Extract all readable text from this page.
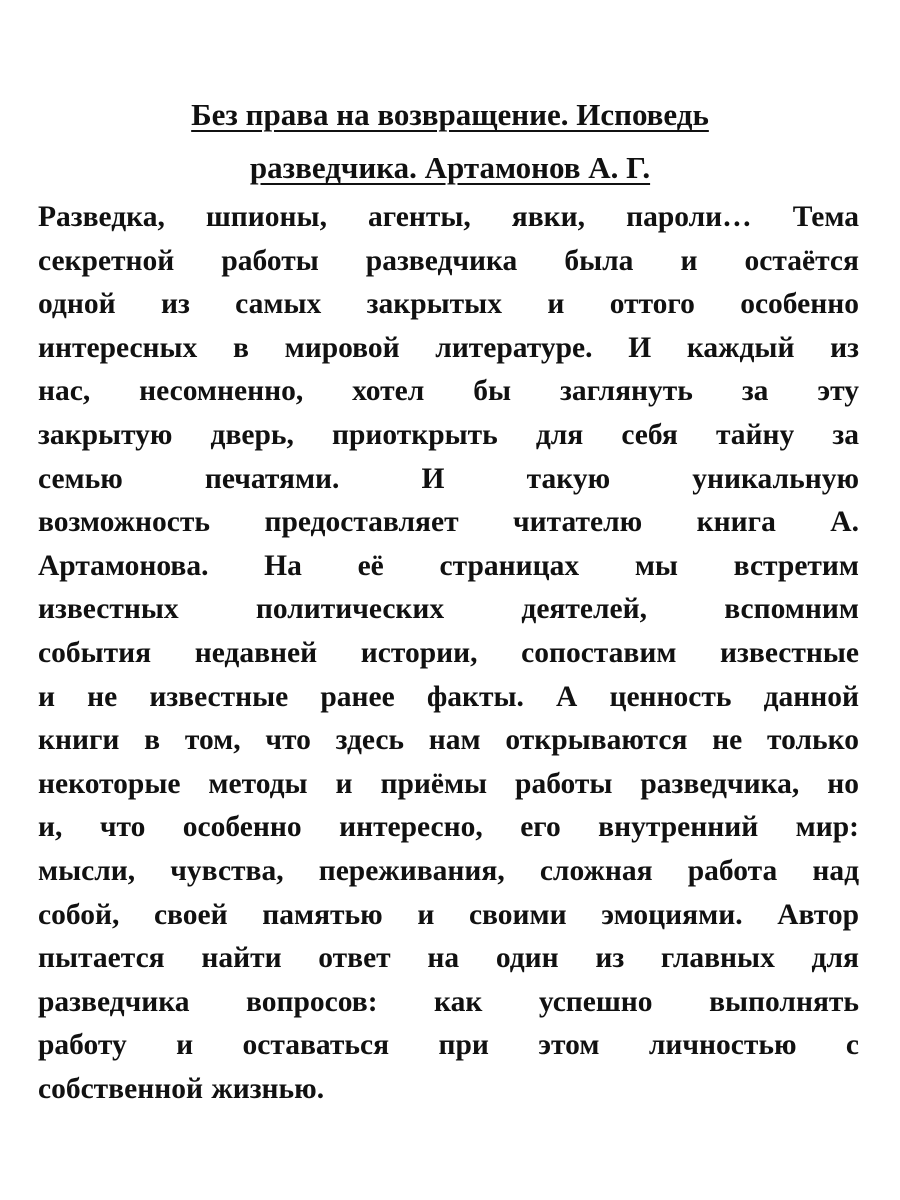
Без права на возвращение. Исповедь
разведчика. Артамонов А. Г.
Разведка, шпионы, агенты, явки, пароли… Тема
секретной работы разведчика была и остаётся
одной из самых закрытых и оттого особенно
интересных в мировой литературе. И каждый из
нас, несомненно, хотел бы заглянуть за эту
закрытую дверь, приоткрыть для себя тайну за
семью печатями. И такую уникальную
возможность предоставляет читателю книга А.
Артамонова. На её страницах мы встретим
известных политических деятелей, вспомним
события недавней истории, сопоставим известные
и не известные ранее факты. А ценность данной
книги в том, что здесь нам открываются не только
некоторые методы и приёмы работы разведчика, но
и, что особенно интересно, его внутренний мир:
мысли, чувства, переживания, сложная работа над
собой, своей памятью и своими эмоциями. Автор
пытается найти ответ на один из главных для
разведчика вопросов: как успешно выполнять
работу и оставаться при этом личностью с
собственной жизнью.
